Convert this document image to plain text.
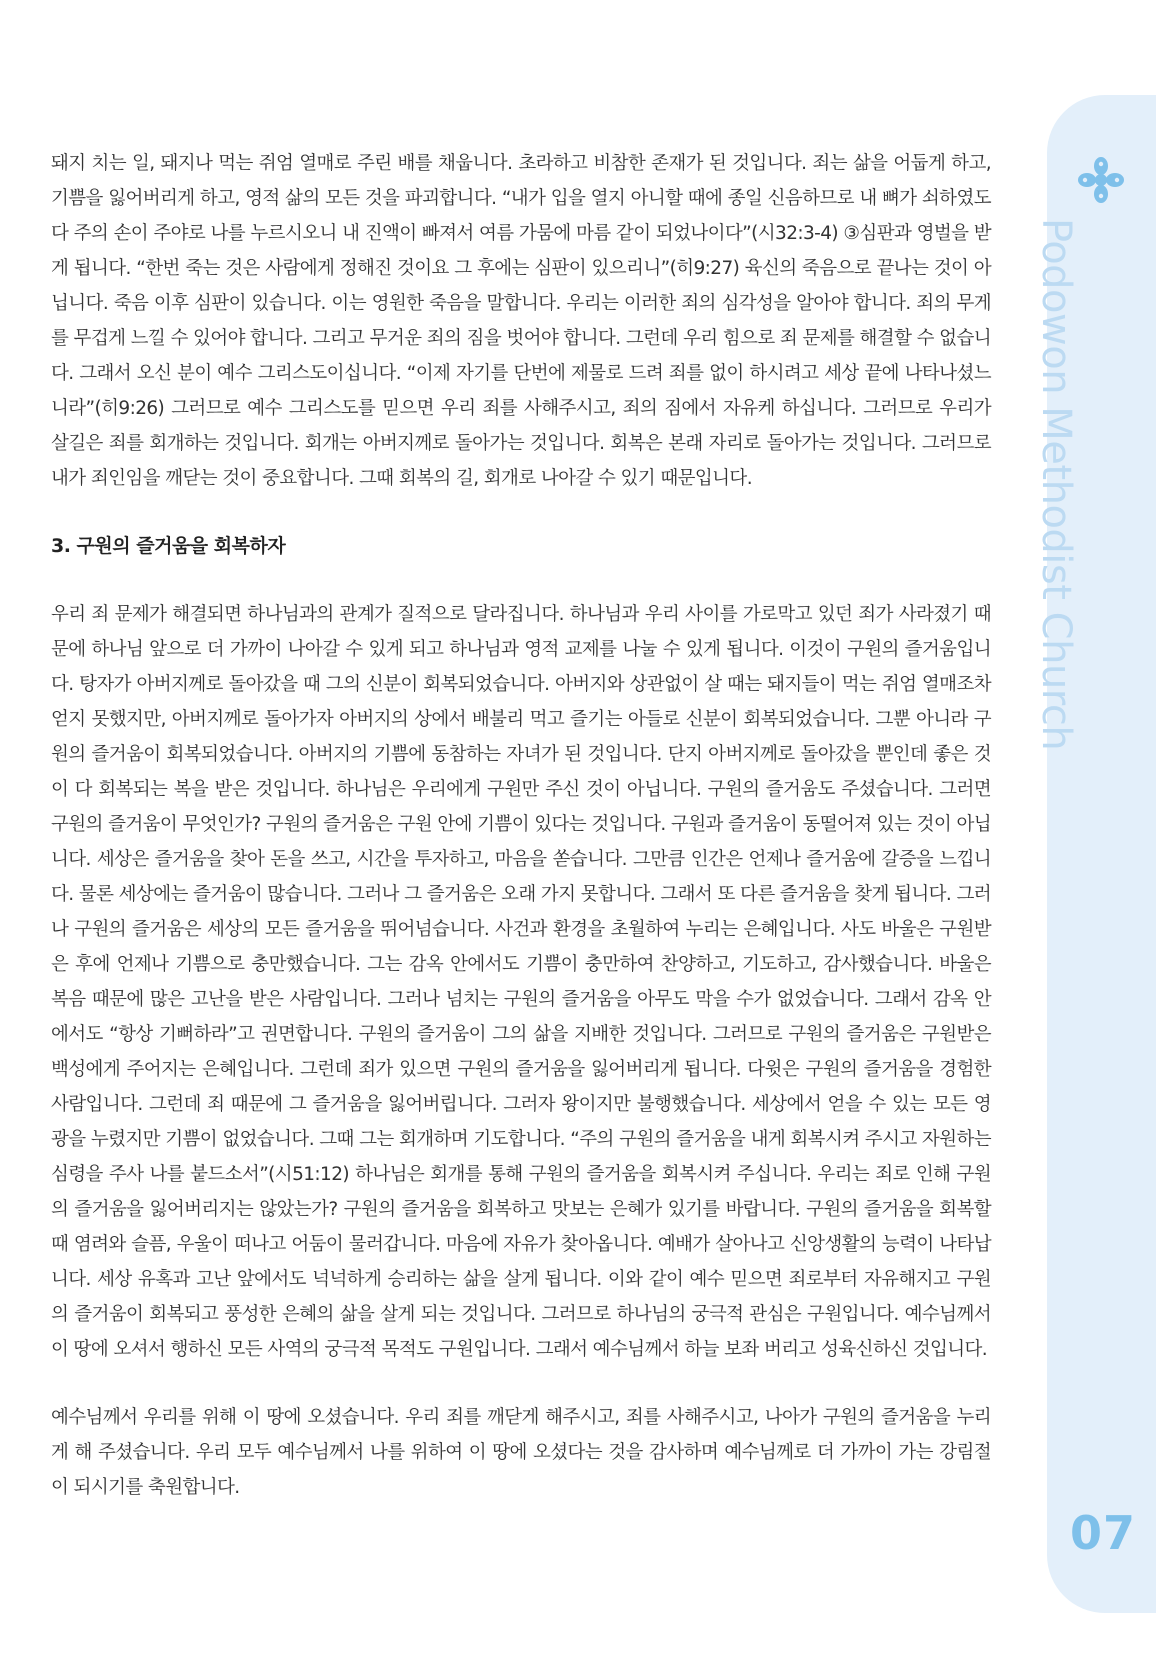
돼지 치는 일, 돼지나 먹는 쥐엄 열매로 주린 배를 채웁니다. 초라하고 비참한 존재가 된 것입니다. 죄는 삶을 어둡게 하고, 기쁨을 잃어버리게 하고, 영적 삶의 모든 것을 파괴합니다. “내가 입을 열지 아니할 때에 종일 신음하므로 내 뼈가 쇠하였도다 주의 손이 주야로 나를 누르시오니 내 진액이 빠져서 여름 가뭄에 마름 같이 되었나이다”(시32:3-4) ③심판과 영벌을 받게 됩니다. “한번 죽는 것은 사람에게 정해진 것이요 그 후에는 심판이 있으리니”(히9:27) 육신의 죽음으로 끝나는 것이 아닙니다. 죽음 이후 심판이 있습니다. 이는 영원한 죽음을 말합니다. 우리는 이러한 죄의 심각성을 알아야 합니다. 죄의 무게를 무겁게 느낄 수 있어야 합니다. 그리고 무거운 죄의 짐을 벗어야 합니다. 그런데 우리 힘으로 죄 문제를 해결할 수 없습니다. 그래서 오신 분이 예수 그리스도이십니다. “이제 자기를 단번에 제물로 드려 죄를 없이 하시려고 세상 끝에 나타나셨느니라”(히9:26) 그러므로 예수 그리스도를 믿으면 우리 죄를 사해주시고, 죄의 짐에서 자유케 하십니다. 그러므로 우리가 살길은 죄를 회개하는 것입니다. 회개는 아버지께로 돌아가는 것입니다. 회복은 본래 자리로 돌아가는 것입니다. 그러므로 내가 죄인임을 깨닫는 것이 중요합니다. 그때 회복의 길, 회개로 나아갈 수 있기 때문입니다.

3. 구원의 즐거움을 회복하자

우리 죄 문제가 해결되면 하나님과의 관계가 질적으로 달라집니다. 하나님과 우리 사이를 가로막고 있던 죄가 사라졌기 때문에 하나님 앞으로 더 가까이 나아갈 수 있게 되고 하나님과 영적 교제를 나눌 수 있게 됩니다. 이것이 구원의 즐거움입니다. 탕자가 아버지께로 돌아갔을 때 그의 신분이 회복되었습니다. 아버지와 상관없이 살 때는 돼지들이 먹는 쥐엄 열매조차 얻지 못했지만, 아버지께로 돌아가자 아버지의 상에서 배불리 먹고 즐기는 아들로 신분이 회복되었습니다. 그뿐 아니라 구원의 즐거움이 회복되었습니다. 아버지의 기쁨에 동참하는 자녀가 된 것입니다. 단지 아버지께로 돌아갔을 뿐인데 좋은 것이 다 회복되는 복을 받은 것입니다. 하나님은 우리에게 구원만 주신 것이 아닙니다. 구원의 즐거움도 주셨습니다. 그러면 구원의 즐거움이 무엇인가? 구원의 즐거움은 구원 안에 기쁨이 있다는 것입니다. 구원과 즐거움이 동떨어져 있는 것이 아닙니다. 세상은 즐거움을 찾아 돈을 쓰고, 시간을 투자하고, 마음을 쏟습니다. 그만큼 인간은 언제나 즐거움에 갈증을 느낍니다. 물론 세상에는 즐거움이 많습니다. 그러나 그 즐거움은 오래 가지 못합니다. 그래서 또 다른 즐거움을 찾게 됩니다. 그러나 구원의 즐거움은 세상의 모든 즐거움을 뛰어넘습니다. 사건과 환경을 초월하여 누리는 은혜입니다. 사도 바울은 구원받은 후에 언제나 기쁨으로 충만했습니다. 그는 감옥 안에서도 기쁨이 충만하여 찬양하고, 기도하고, 감사했습니다. 바울은 복음 때문에 많은 고난을 받은 사람입니다. 그러나 넘치는 구원의 즐거움을 아무도 막을 수가 없었습니다. 그래서 감옥 안에서도 “항상 기뻐하라”고 권면합니다. 구원의 즐거움이 그의 삶을 지배한 것입니다. 그러므로 구원의 즐거움은 구원받은 백성에게 주어지는 은혜입니다. 그런데 죄가 있으면 구원의 즐거움을 잃어버리게 됩니다. 다윗은 구원의 즐거움을 경험한 사람입니다. 그런데 죄 때문에 그 즐거움을 잃어버립니다. 그러자 왕이지만 불행했습니다. 세상에서 얻을 수 있는 모든 영광을 누렸지만 기쁨이 없었습니다. 그때 그는 회개하며 기도합니다. “주의 구원의 즐거움을 내게 회복시켜 주시고 자원하는 심령을 주사 나를 붙드소서”(시51:12) 하나님은 회개를 통해 구원의 즐거움을 회복시켜 주십니다. 우리는 죄로 인해 구원의 즐거움을 잃어버리지는 않았는가? 구원의 즐거움을 회복하고 맛보는 은혜가 있기를 바랍니다. 구원의 즐거움을 회복할 때 염려와 슬픔, 우울이 떠나고 어둠이 물러갑니다. 마음에 자유가 찾아옵니다. 예배가 살아나고 신앙생활의 능력이 나타납니다. 세상 유혹과 고난 앞에서도 넉넉하게 승리하는 삶을 살게 됩니다. 이와 같이 예수 믿으면 죄로부터 자유해지고 구원의 즐거움이 회복되고 풍성한 은혜의 삶을 살게 되는 것입니다. 그러므로 하나님의 궁극적 관심은 구원입니다. 예수님께서 이 땅에 오셔서 행하신 모든 사역의 궁극적 목적도 구원입니다. 그래서 예수님께서 하늘 보좌 버리고 성육신하신 것입니다.

예수님께서 우리를 위해 이 땅에 오셨습니다. 우리 죄를 깨닫게 해주시고, 죄를 사해주시고, 나아가 구원의 즐거움을 누리게 해 주셨습니다. 우리 모두 예수님께서 나를 위하여 이 땅에 오셨다는 것을 감사하며 예수님께로 더 가까이 가는 강림절이 되시기를 축원합니다.

Podowon Methodist Church
07
